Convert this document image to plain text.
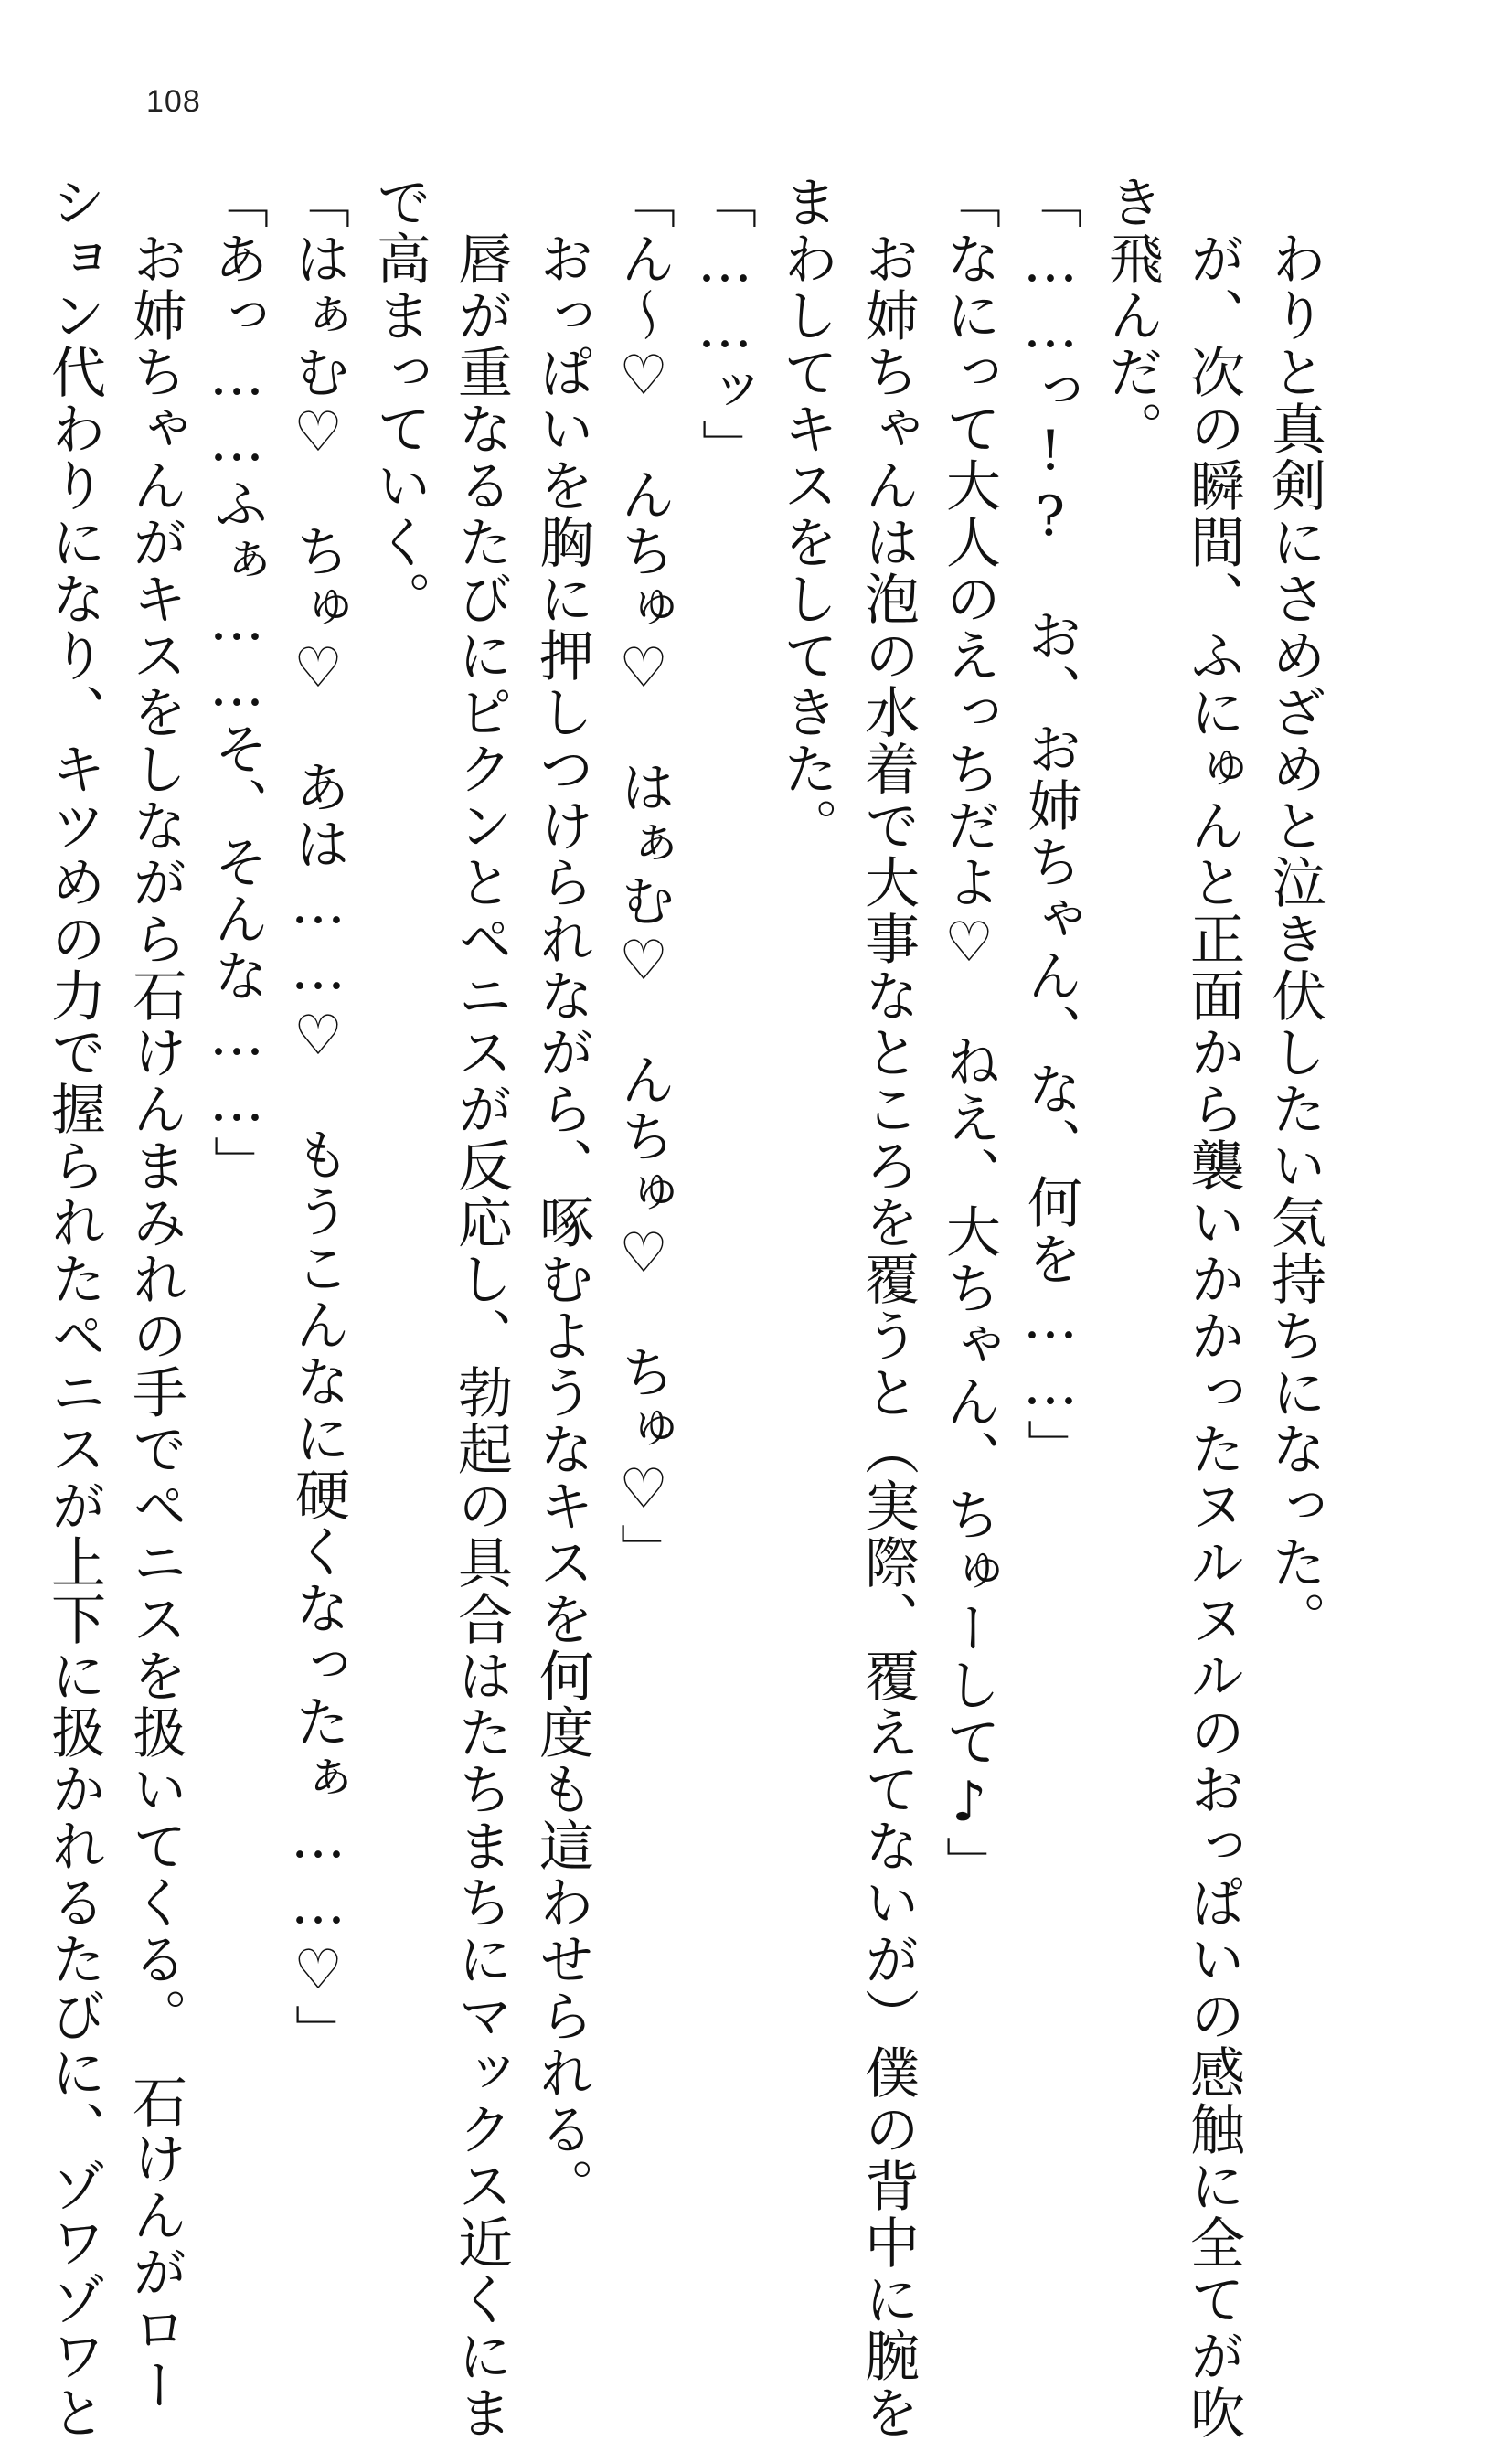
108
　わりと真剣にさめざめと泣き伏したい気持ちになった。
　が、次の瞬間、ふにゅんと正面から襲いかかったヌルヌルのおっぱいの感触に全てが吹
き飛んだ。
「……っ!?　お、お姉ちゃん、な、何を……」
「なにって大人のえっちだよ♡　ねえ、大ちゃん、ちゅーして♪」
　お姉ちゃんは泡の水着で大事なところを覆うと（実際、覆えてないが）僕の背中に腕を
まわしてキスをしてきた。
「……ッ」
「ん～♡　んちゅ♡　はぁむ♡　んちゅ♡　ちゅ♡」
　おっぱいを胸に押しつけられながら、啄むようなキスを何度も這わせられる。
　唇が重なるたびにピクンとペニスが反応し、勃起の具合はたちまちにマックス近くにま
で高まっていく。
「はぁむ♡　ちゅ♡　あは……♡　もうこんなに硬くなったぁ……♡」
「あっ……ふぁ……そ、そんな……」
　お姉ちゃんがキスをしながら石けんまみれの手でペニスを扱いてくる。　石けんがロー
ション代わりになり、キツめの力で握られたペニスが上下に扱かれるたびに、ゾワゾワと
